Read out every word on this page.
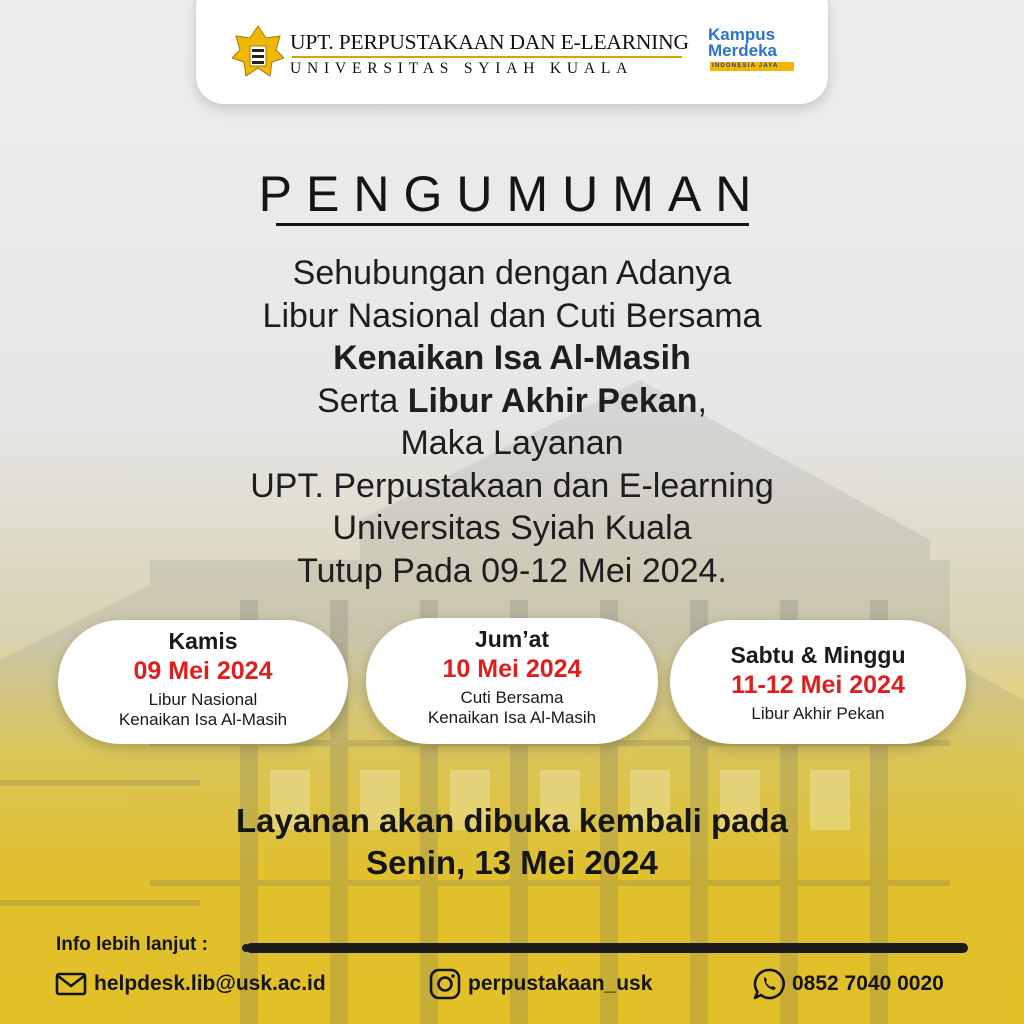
UPT. PERPUSTAKAAN DAN E-LEARNING
UNIVERSITAS SYIAH KUALA
Kampus
Merdeka
INDONESIA JAYA
PENGUMUMAN
Sehubungan dengan Adanya
Libur Nasional dan Cuti Bersama
Kenaikan Isa Al-Masih
Serta Libur Akhir Pekan,
Maka Layanan
UPT. Perpustakaan dan E-learning
Universitas Syiah Kuala
Tutup Pada 09-12 Mei 2024.
Kamis
09 Mei 2024
Libur Nasional
Kenaikan Isa Al-Masih
Jum’at
10 Mei 2024
Cuti Bersama
Kenaikan Isa Al-Masih
Sabtu & Minggu
11-12 Mei 2024
Libur Akhir Pekan
Layanan akan dibuka kembali pada
Senin, 13 Mei 2024
Info lebih lanjut :
helpdesk.lib@usk.ac.id	perpustakaan_usk	0852 7040 0020
